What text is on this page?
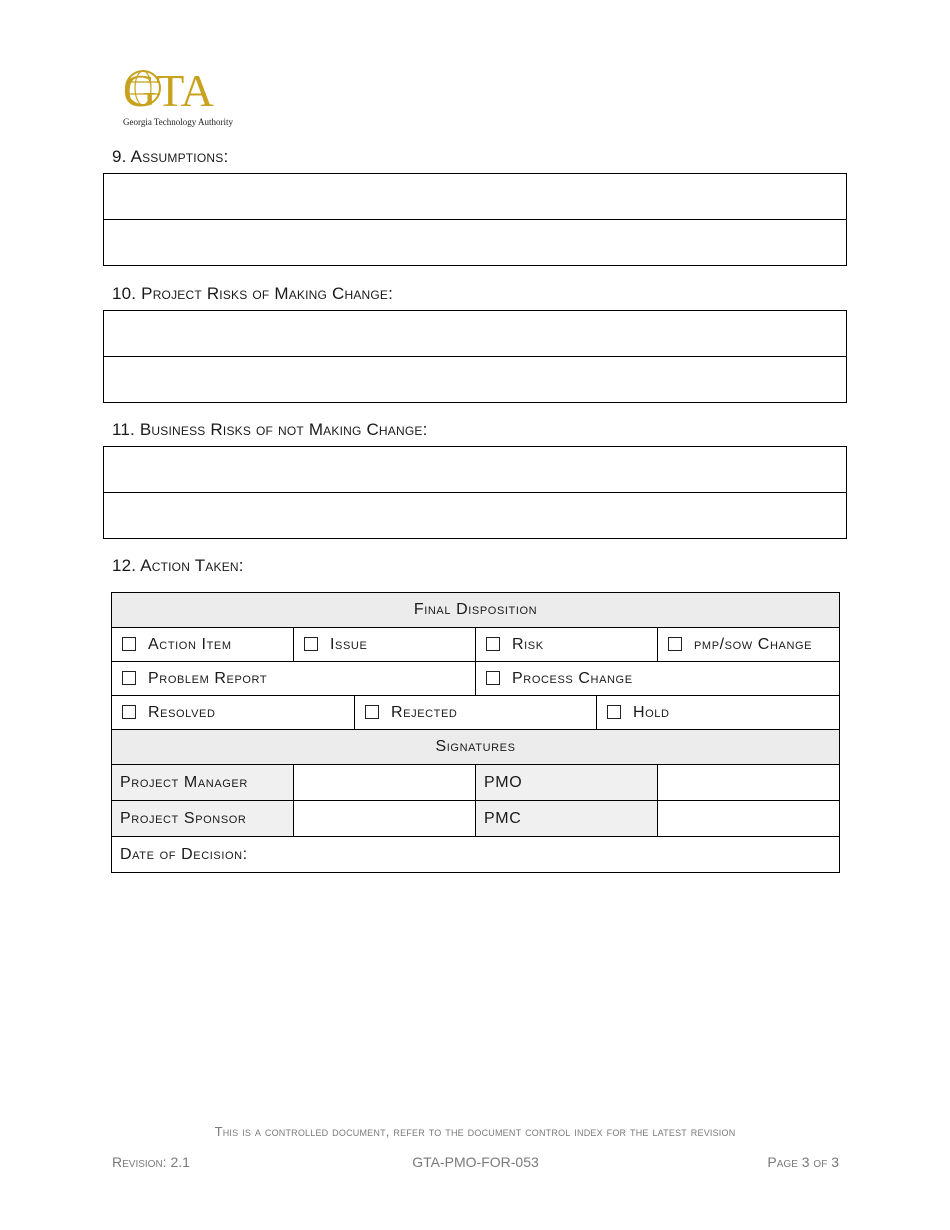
GTA
Georgia Technology Authority
9. Assumptions:
10. Project Risks of Making Change:
11. Business Risks of not Making Change:
12. Action Taken:
Final Disposition					
Action Item	Issue		Risk		pmp/sow Change
Problem Report			Process Change		
Resolved		Rejected		Hold	
Signatures					
Project Manager			PMO		
Project Sponsor			PMC		
Date of Decision:					
This is a controlled document, refer to the document control index for the latest revision
GTA-PMO-FOR-053
Revision: 2.1	Page 3 of 3
